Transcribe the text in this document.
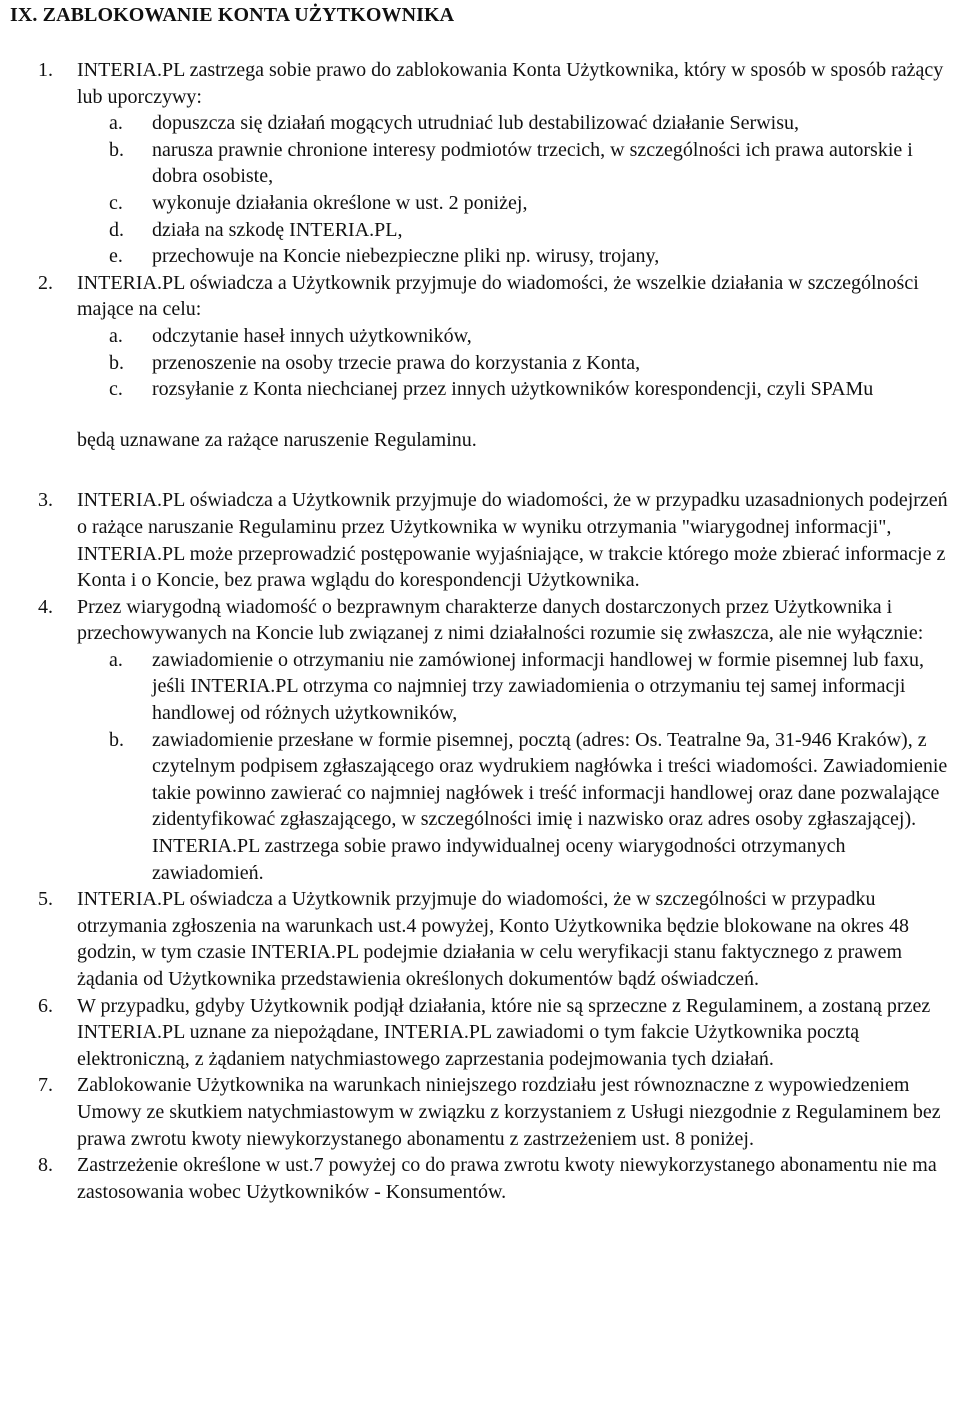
IX. ZABLOKOWANIE KONTA UŻYTKOWNIKA
1. INTERIA.PL zastrzega sobie prawo do zablokowania Konta Użytkownika, który w sposób w sposób rażący lub uporczywy:
a. dopuszcza się działań mogących utrudniać lub destabilizować działanie Serwisu,
b. narusza prawnie chronione interesy podmiotów trzecich, w szczególności ich prawa autorskie i dobra osobiste,
c. wykonuje działania określone w ust. 2 poniżej,
d. działa na szkodę INTERIA.PL,
e. przechowuje na Koncie niebezpieczne pliki np. wirusy, trojany,
2. INTERIA.PL oświadcza a Użytkownik przyjmuje do wiadomości, że wszelkie działania w szczególności mające na celu:
a. odczytanie haseł innych użytkowników,
b. przenoszenie na osoby trzecie prawa do korzystania z Konta,
c. rozsyłanie z Konta niechcianej przez innych użytkowników korespondencji, czyli SPAMu

będą uznawane za rażące naruszenie Regulaminu.

3. INTERIA.PL oświadcza a Użytkownik przyjmuje do wiadomości, że w przypadku uzasadnionych podejrzeń o rażące naruszanie Regulaminu przez Użytkownika w wyniku otrzymania "wiarygodnej informacji", INTERIA.PL może przeprowadzić postępowanie wyjaśniające, w trakcie którego może zbierać informacje z Konta i o Koncie, bez prawa wglądu do korespondencji Użytkownika.
4. Przez wiarygodną wiadomość o bezprawnym charakterze danych dostarczonych przez Użytkownika i przechowywanych na Koncie lub związanej z nimi działalności rozumie się zwłaszcza, ale nie wyłącznie:
a. zawiadomienie o otrzymaniu nie zamówionej informacji handlowej w formie pisemnej lub faxu, jeśli INTERIA.PL otrzyma co najmniej trzy zawiadomienia o otrzymaniu tej samej informacji handlowej od różnych użytkowników,
b. zawiadomienie przesłane w formie pisemnej, pocztą (adres: Os. Teatralne 9a, 31-946 Kraków), z czytelnym podpisem zgłaszającego oraz wydrukiem nagłówka i treści wiadomości. Zawiadomienie takie powinno zawierać co najmniej nagłówek i treść informacji handlowej oraz dane pozwalające zidentyfikować zgłaszającego, w szczególności imię i nazwisko oraz adres osoby zgłaszającej). INTERIA.PL zastrzega sobie prawo indywidualnej oceny wiarygodności otrzymanych zawiadomień.
5. INTERIA.PL oświadcza a Użytkownik przyjmuje do wiadomości, że w szczególności w przypadku otrzymania zgłoszenia na warunkach ust.4 powyżej, Konto Użytkownika będzie blokowane na okres 48 godzin, w tym czasie INTERIA.PL podejmie działania w celu weryfikacji stanu faktycznego z prawem żądania od Użytkownika przedstawienia określonych dokumentów bądź oświadczeń.
6. W przypadku, gdyby Użytkownik podjął działania, które nie są sprzeczne z Regulaminem, a zostaną przez INTERIA.PL uznane za niepożądane, INTERIA.PL zawiadomi o tym fakcie Użytkownika pocztą elektroniczną, z żądaniem natychmiastowego zaprzestania podejmowania tych działań.
7. Zablokowanie Użytkownika na warunkach niniejszego rozdziału jest równoznaczne z wypowiedzeniem Umowy ze skutkiem natychmiastowym w związku z korzystaniem z Usługi niezgodnie z Regulaminem bez prawa zwrotu kwoty niewykorzystanego abonamentu z zastrzeżeniem ust. 8 poniżej.
8. Zastrzeżenie określone w ust.7 powyżej co do prawa zwrotu kwoty niewykorzystanego abonamentu nie ma zastosowania wobec Użytkowników - Konsumentów.
